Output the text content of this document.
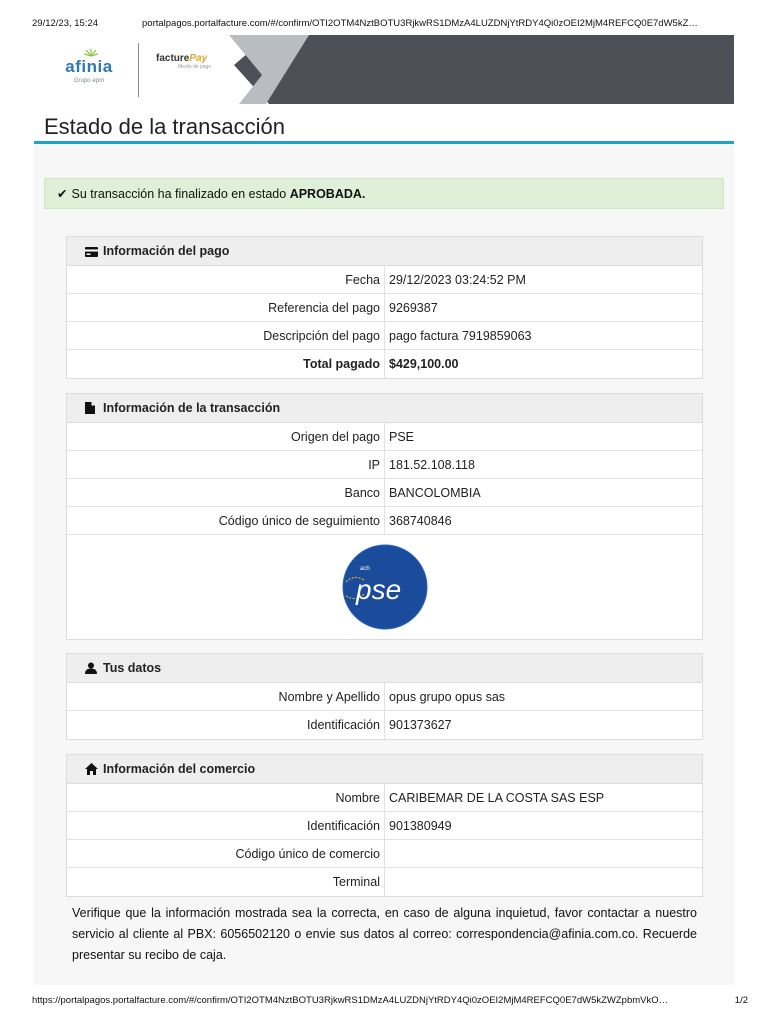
29/12/23, 15:24	portalpagos.portalfacture.com/#/confirm/OTI2OTM4NztBOTU3RjkwRS1DMzA4LUZDNjYtRDY4Qi0zOEI2MjM4REFCQ0E7dW5kZ…
afinia
Grupo·epm
facturePay
Medio de pago
Estado de la transacción
✔ Su transacción ha finalizado en estado APROBADA.
Información del pago
Fecha 29/12/2023 03:24:52 PM
Referencia del pago 9269387
Descripción del pago pago factura 7919859063
Total pagado $429,100.00
Información de la transacción
Origen del pago PSE
IP 181.52.108.118
Banco BANCOLOMBIA
Código único de seguimiento 368740846
ach
pse
Tus datos
Nombre y Apellido opus grupo opus sas
Identificación 901373627
Información del comercio
Nombre CARIBEMAR DE LA COSTA SAS ESP
Identificación 901380949
Código único de comercio
Terminal

Verifique que la información mostrada sea la correcta, en caso de alguna inquietud, favor contactar a nuestro servicio al cliente al PBX: 6056502120 o envie sus datos al correo: correspondencia@afinia.com.co. Recuerde presentar su recibo de caja.

https://portalpagos.portalfacture.com/#/confirm/OTI2OTM4NztBOTU3RjkwRS1DMzA4LUZDNjYtRDY4Qi0zOEI2MjM4REFCQ0E7dW5kZWZpbmVkO…	1/2
